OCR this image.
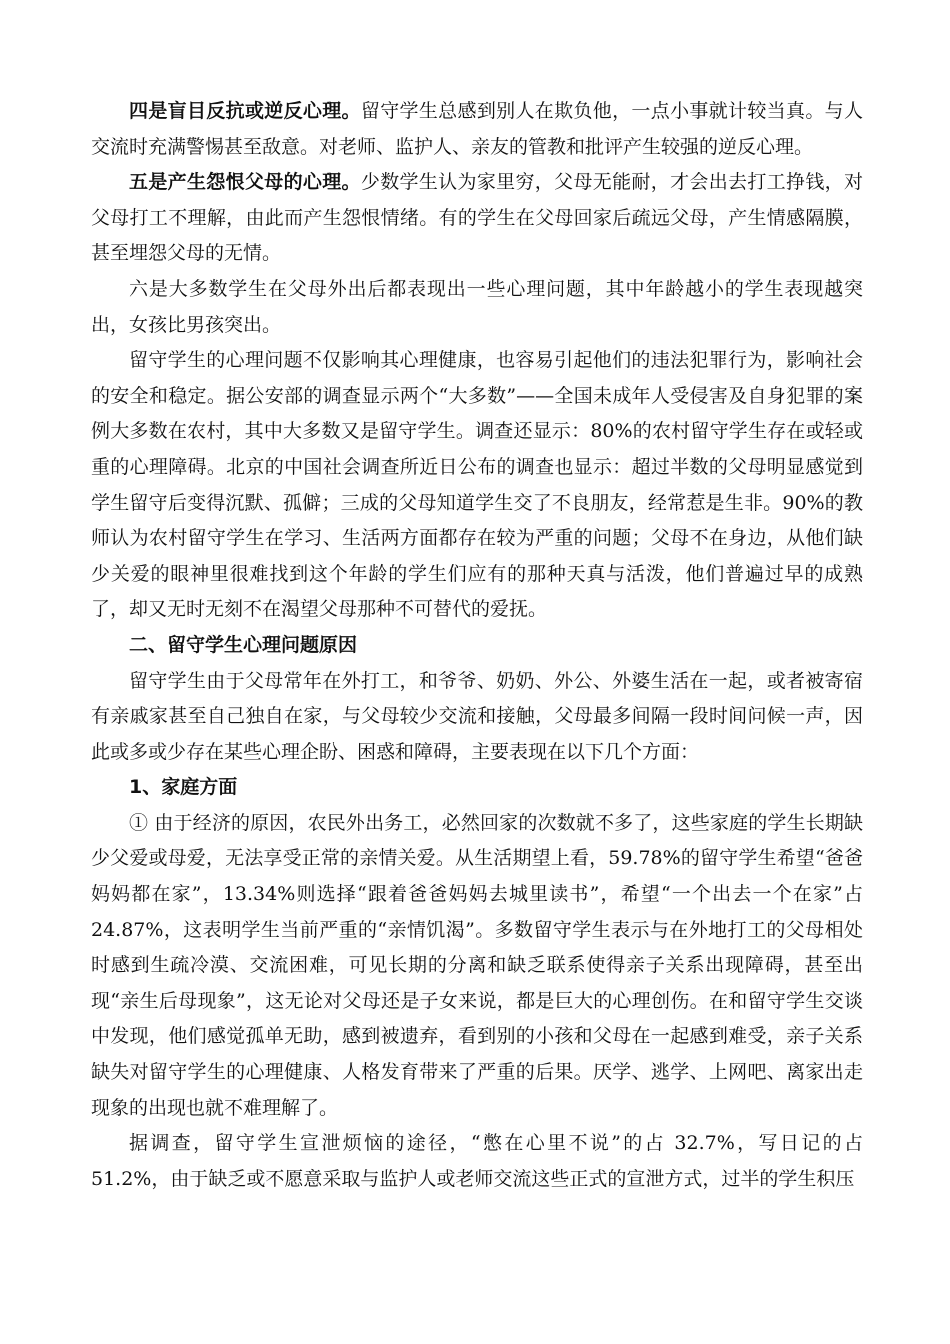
四是盲目反抗或逆反心理。留守学生总感到别人在欺负他，一点小事就计较当真。与人交流时充满警惕甚至敌意。对老师、监护人、亲友的管教和批评产生较强的逆反心理。

五是产生怨恨父母的心理。少数学生认为家里穷，父母无能耐，才会出去打工挣钱，对父母打工不理解，由此而产生怨恨情绪。有的学生在父母回家后疏远父母，产生情感隔膜，甚至埋怨父母的无情。

六是大多数学生在父母外出后都表现出一些心理问题，其中年龄越小的学生表现越突出，女孩比男孩突出。

留守学生的心理问题不仅影响其心理健康，也容易引起他们的违法犯罪行为，影响社会的安全和稳定。据公安部的调查显示两个“大多数”——全国未成年人受侵害及自身犯罪的案例大多数在农村，其中大多数又是留守学生。调查还显示：80%的农村留守学生存在或轻或重的心理障碍。北京的中国社会调查所近日公布的调查也显示：超过半数的父母明显感觉到学生留守后变得沉默、孤僻；三成的父母知道学生交了不良朋友，经常惹是生非。90%的教师认为农村留守学生在学习、生活两方面都存在较为严重的问题；父母不在身边，从他们缺少关爱的眼神里很难找到这个年龄的学生们应有的那种天真与活泼，他们普遍过早的成熟了，却又无时无刻不在渴望父母那种不可替代的爱抚。

二、留守学生心理问题原因

留守学生由于父母常年在外打工，和爷爷、奶奶、外公、外婆生活在一起，或者被寄宿有亲戚家甚至自己独自在家，与父母较少交流和接触，父母最多间隔一段时间问候一声，因此或多或少存在某些心理企盼、困惑和障碍，主要表现在以下几个方面：

1、家庭方面

① 由于经济的原因，农民外出务工，必然回家的次数就不多了，这些家庭的学生长期缺少父爱或母爱，无法享受正常的亲情关爱。从生活期望上看，59.78%的留守学生希望“爸爸妈妈都在家”，13.34%则选择“跟着爸爸妈妈去城里读书”，希望“一个出去一个在家”占24.87%，这表明学生当前严重的“亲情饥渴”。多数留守学生表示与在外地打工的父母相处时感到生疏冷漠、交流困难，可见长期的分离和缺乏联系使得亲子关系出现障碍，甚至出现“亲生后母现象”，这无论对父母还是子女来说，都是巨大的心理创伤。在和留守学生交谈中发现，他们感觉孤单无助，感到被遗弃，看到别的小孩和父母在一起感到难受，亲子关系缺失对留守学生的心理健康、人格发育带来了严重的后果。厌学、逃学、上网吧、离家出走现象的出现也就不难理解了。

据调查，留守学生宣泄烦恼的途径，“憋在心里不说”的占 32.7%，写日记的占51.2%，由于缺乏或不愿意采取与监护人或老师交流这些正式的宣泄方式，过半的学生积压
